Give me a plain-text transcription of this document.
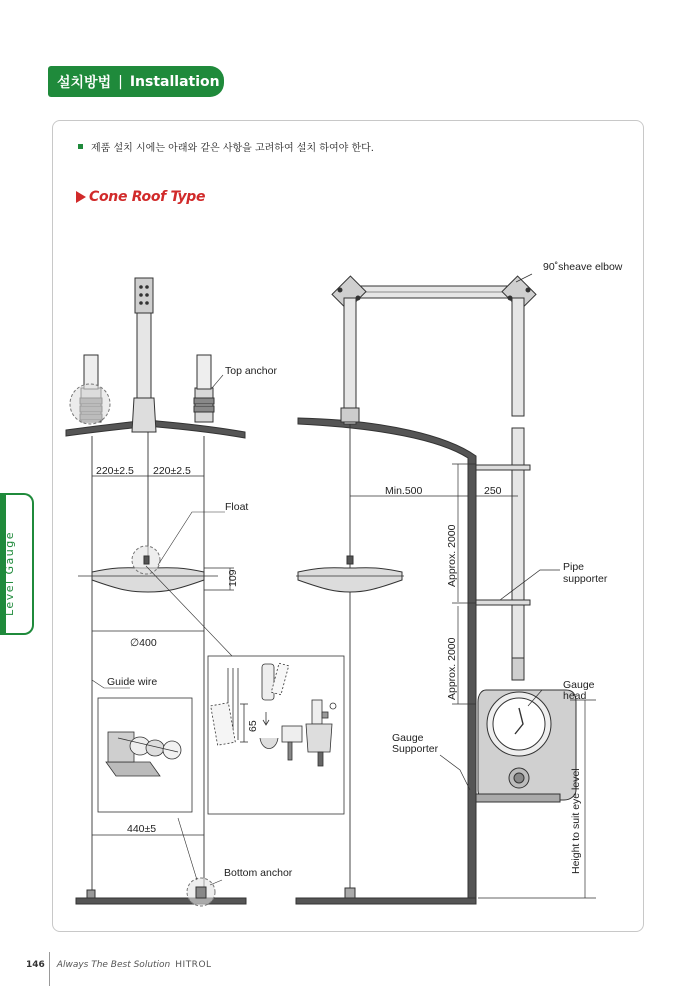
설치방법 | Installation
Level Gauge
제품 설치 시에는 아래와 같은 사항을 고려하여 설치 하여야 한다.
Cone Roof Type
90˚sheave elbow
Top anchor
220±2.5 220±2.5
Min.500	250
Float
109	Approx. 2000
Approx. 2000
Pipe
supporter
∅400
Guide wire	Gauge
head
65
Gauge
Supporter
Height to suit eye level
440±5
Bottom anchor
146 Always The Best Solution HITROL
